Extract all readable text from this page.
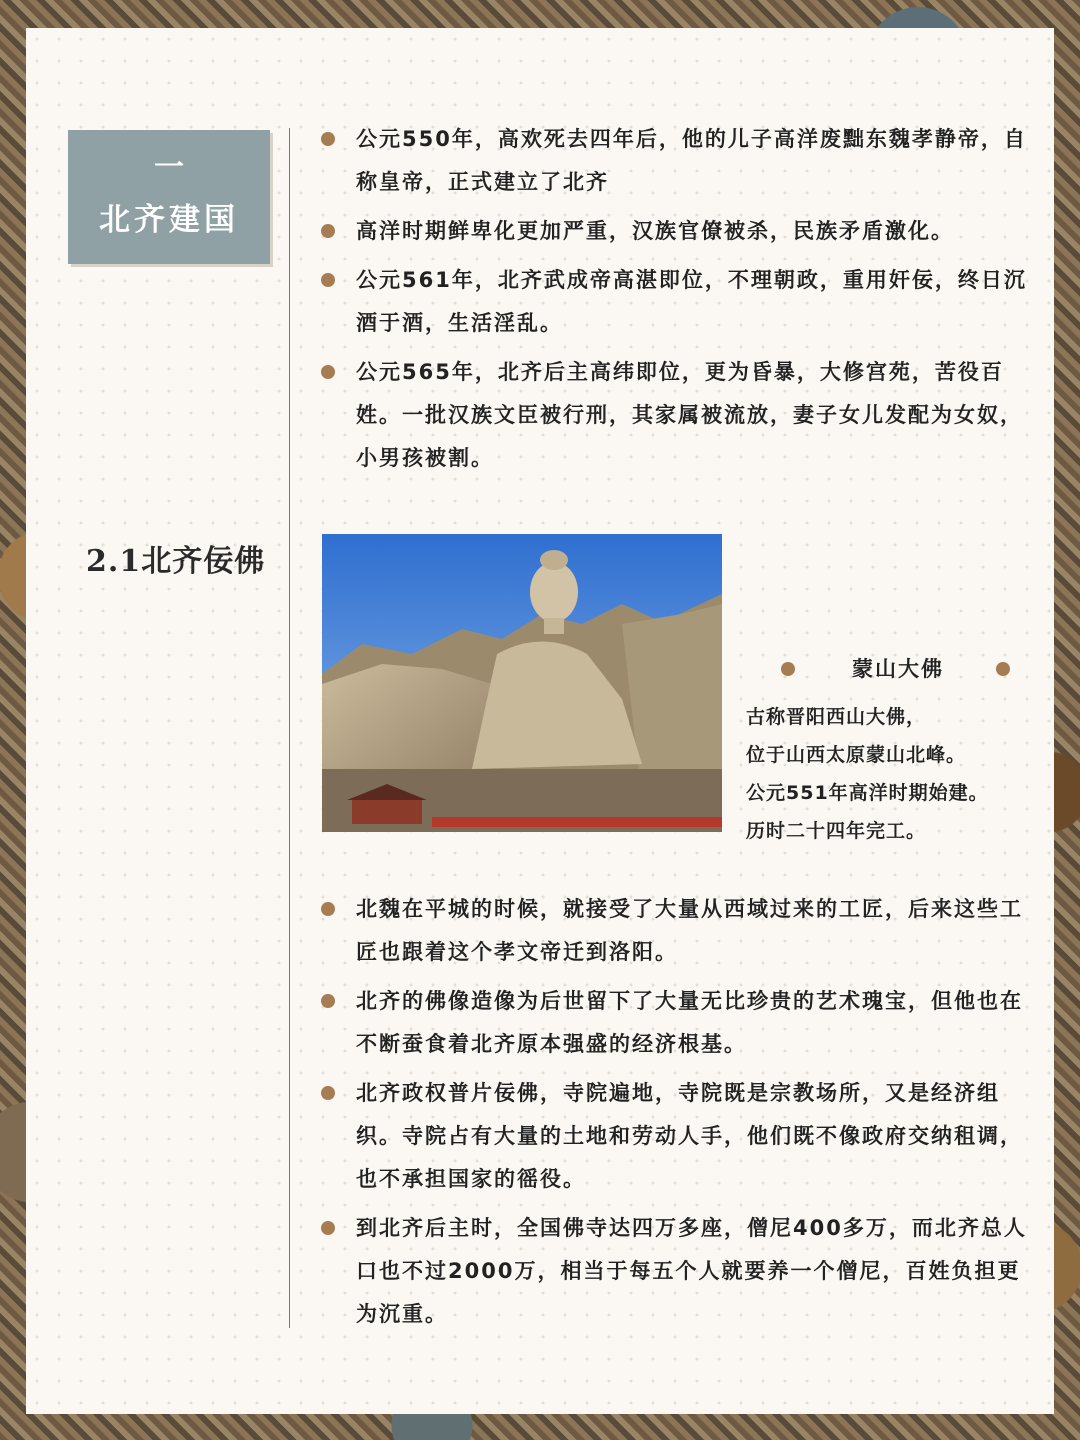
一
北齐建国
2.1北齐佞佛
公元550年，高欢死去四年后，他的儿子高洋废黜东魏孝静帝，自称皇帝，正式建立了北齐
高洋时期鲜卑化更加严重，汉族官僚被杀，民族矛盾激化。
公元561年，北齐武成帝高湛即位，不理朝政，重用奸佞，终日沉酒于酒，生活淫乱。
公元565年，北齐后主高纬即位，更为昏暴，大修宫苑，苦役百姓。一批汉族文臣被行刑，其家属被流放，妻子女儿发配为女奴，小男孩被割。
蒙山大佛
古称晋阳西山大佛，
位于山西太原蒙山北峰。
公元551年高洋时期始建。
历时二十四年完工。
北魏在平城的时候，就接受了大量从西域过来的工匠，后来这些工匠也跟着这个孝文帝迁到洛阳。
北齐的佛像造像为后世留下了大量无比珍贵的艺术瑰宝，但他也在不断蚕食着北齐原本强盛的经济根基。
北齐政权普片佞佛，寺院遍地，寺院既是宗教场所，又是经济组织。寺院占有大量的土地和劳动人手，他们既不像政府交纳租调，也不承担国家的徭役。
到北齐后主时，全国佛寺达四万多座，僧尼400多万，而北齐总人口也不过2000万，相当于每五个人就要养一个僧尼，百姓负担更为沉重。
